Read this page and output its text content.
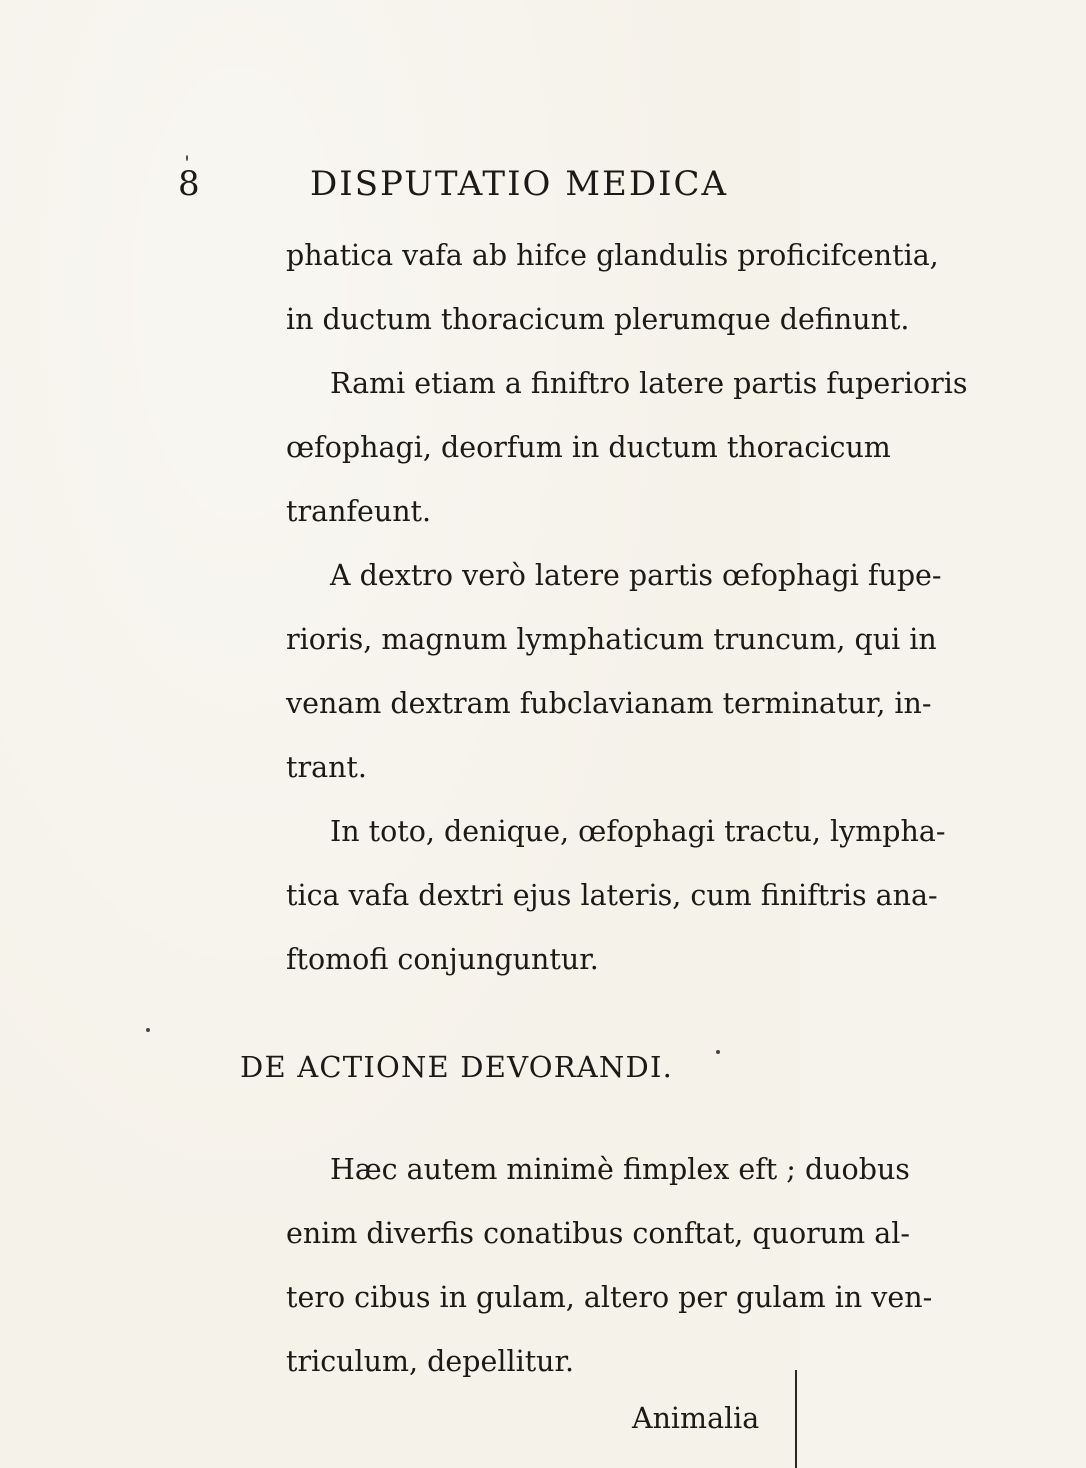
8	DISPUTATIO MEDICA
phatica vafa ab hifce glandulis proficifcentia,
in ductum thoracicum plerumque definunt.
Rami etiam a finiftro latere partis fuperioris
œfophagi, deorfum in ductum thoracicum
tranfeunt.
A dextro verò latere partis œfophagi fupe-
rioris, magnum lymphaticum truncum, qui in
venam dextram fubclavianam terminatur, in-
trant.
In toto, denique, œfophagi tractu, lympha-
tica vafa dextri ejus lateris, cum finiftris ana-
ftomofi conjunguntur.
DE ACTIONE DEVORANDI.
Hæc autem minimè fimplex eft ; duobus
enim diverfis conatibus conftat, quorum al-
tero cibus in gulam, altero per gulam in ven-
triculum, depellitur.
Animalia
